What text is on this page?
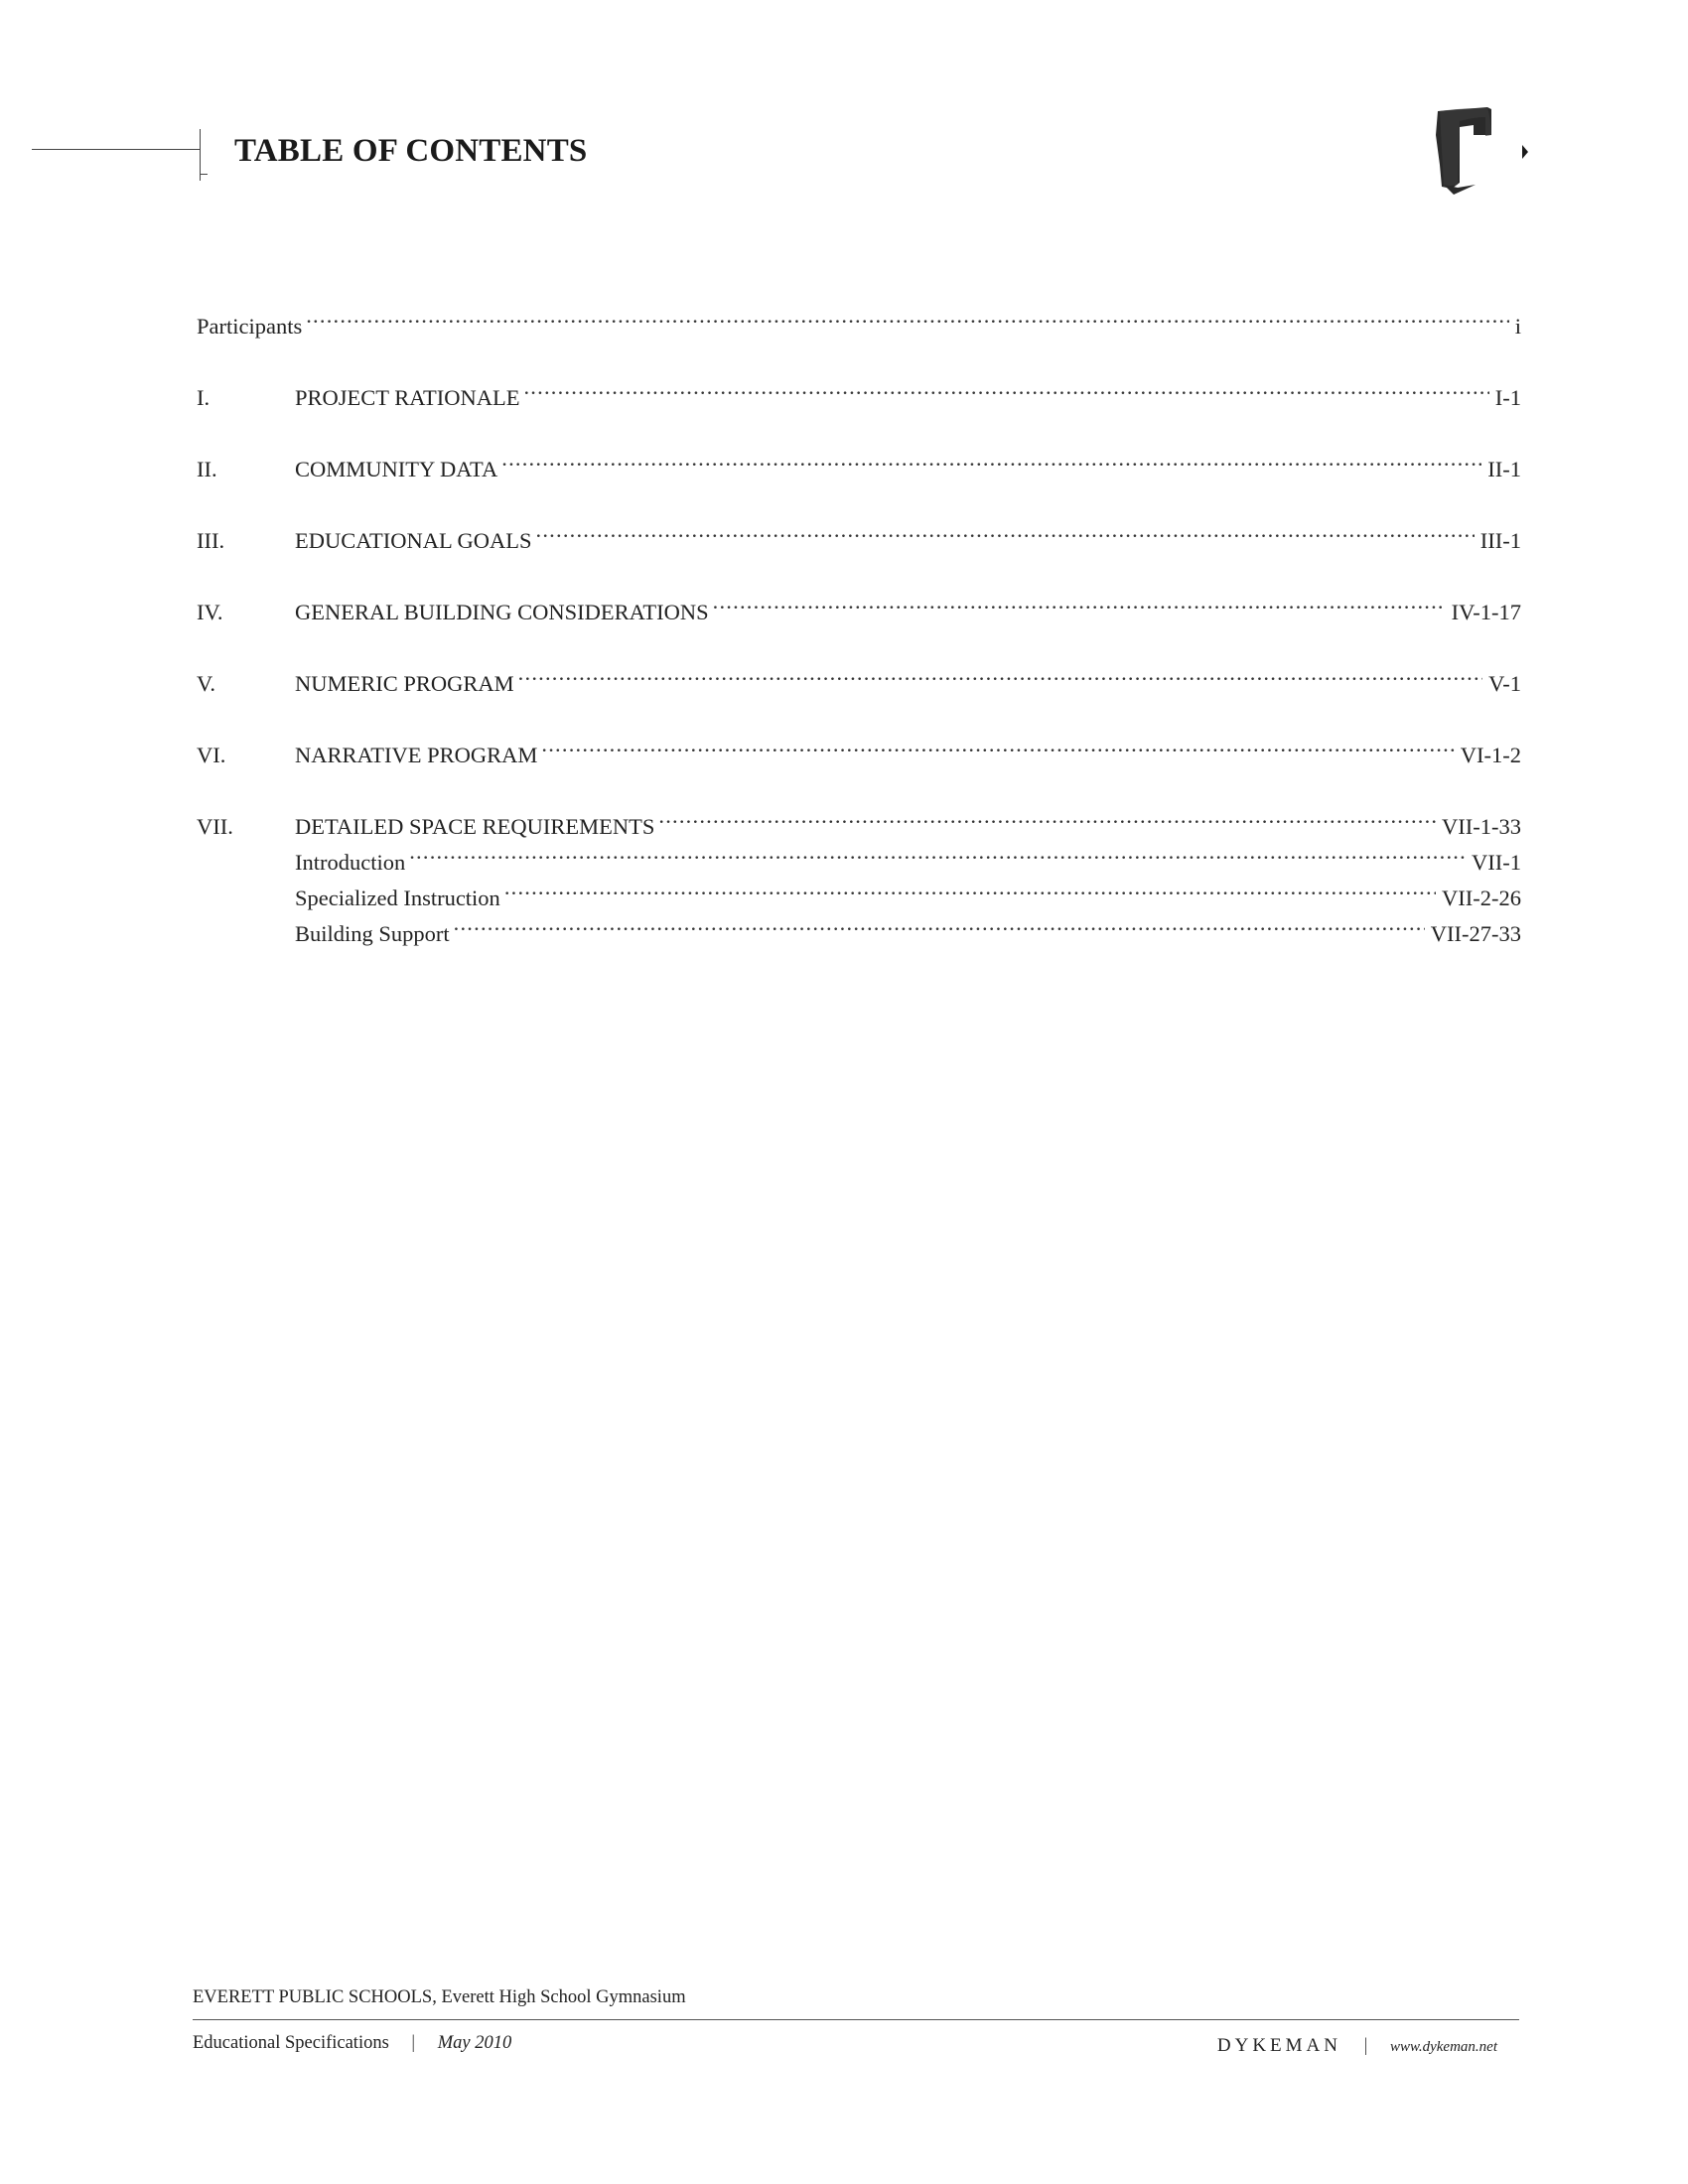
TABLE OF CONTENTS
Participants .....	i
I.	PROJECT RATIONALE .....	I-1
II.	COMMUNITY DATA .....	II-1
III.	EDUCATIONAL GOALS .....	III-1
IV.	GENERAL BUILDING CONSIDERATIONS .....	IV-1-17
V.	NUMERIC PROGRAM .....	V-1
VI.	NARRATIVE PROGRAM .....	VI-1-2
VII.	DETAILED SPACE REQUIREMENTS .....	VII-1-33
Introduction .....	VII-1
Specialized Instruction .....	VII-2-26
Building Support .....	VII-27-33
EVERETT PUBLIC SCHOOLS, Everett High School Gymnasium
Educational Specifications | May 2010	DYKEMAN | www.dykeman.net
